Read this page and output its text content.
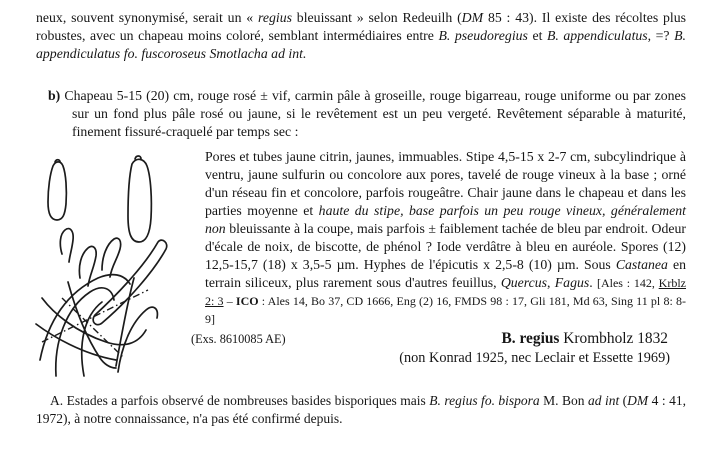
neux, souvent synonymisé, serait un « regius bleuissant » selon Redeuilh (DM 85 : 43). Il existe des récoltes plus robustes, avec un chapeau moins coloré, semblant intermédiaires entre B. pseudoregius et B. appendiculatus, =? B. appendiculatus fo. fuscoroseus Smotlacha ad int.

b) Chapeau 5-15 (20) cm, rouge rosé ± vif, carmin pâle à groseille, rouge bigarreau, rouge uniforme ou par zones sur un fond plus pâle rosé ou jaune, si le revêtement est un peu vergeté. Revêtement séparable à maturité, finement fissuré-craquelé par temps sec :

Pores et tubes jaune citrin, jaunes, immuables. Stipe 4,5-15 x 2-7 cm, subcylindrique à ventru, jaune sulfurin ou concolore aux pores, tavelé de rouge vineux à la base ; orné d'un réseau fin et concolore, parfois rougeâtre. Chair jaune dans le chapeau et dans les parties moyenne et haute du stipe, base parfois un peu rouge vineux, généralement non bleuissante à la coupe, mais parfois ± faiblement tachée de bleu par endroit. Odeur d'écale de noix, de biscotte, de phénol ? Iode verdâtre à bleu en auréole. Spores (12) 12,5-15,7 (18) x 3,5-5 µm. Hyphes de l'épicutis x 2,5-8 (10) µm. Sous Castanea en terrain siliceux, plus rarement sous d'autres feuillus, Quercus, Fagus. [Ales : 142, Krblz 2: 3 – ICO : Ales 14, Bo 37, CD 1666, Eng (2) 16, FMDS 98 : 17, Gli 181, Md 63, Sing 11 pl 8: 8-9]

(Exs. 8610085 AE)	B. regius Krombholz 1832
(non Konrad 1925, nec Leclair et Essette 1969)

A. Estades a parfois observé de nombreuses basides bisporiques mais B. regius fo. bispora M. Bon ad int (DM 4 : 41, 1972), à notre connaissance, n'a pas été confirmé depuis.
